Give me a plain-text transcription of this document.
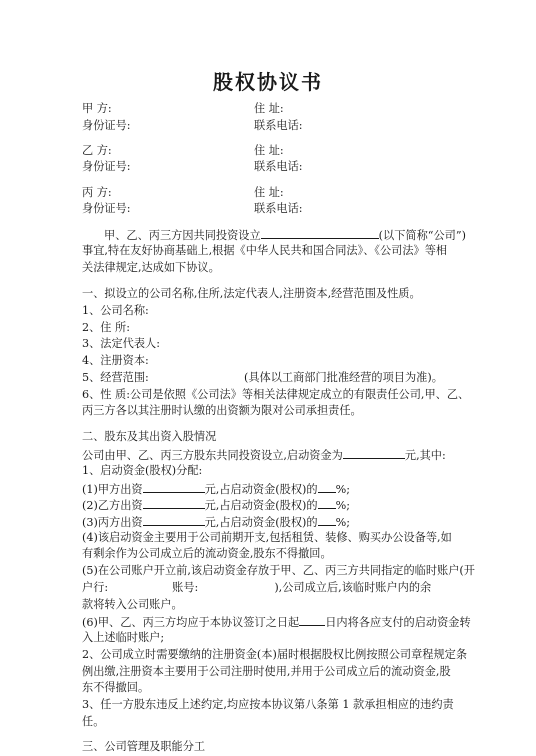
股权协议书
甲 方:	住 址:
身份证号:	联系电话:
乙 方:	住 址:
身份证号:	联系电话:
丙 方:	住 址:
身份证号:	联系电话:
甲、乙、丙三方因共同投资设立	(以下简称“公司”)
事宜,特在友好协商基础上,根据《中华人民共和国合同法》、《公司法》等相
关法律规定,达成如下协议。
一、拟设立的公司名称,住所,法定代表人,注册资本,经营范围及性质。
1、公司名称:
2、住 所:
3、法定代表人:
4、注册资本:
5、经营范围:	(具体以工商部门批准经营的项目为准)。
6、性 质:公司是依照《公司法》等相关法律规定成立的有限责任公司,甲、乙、
丙三方各以其注册时认缴的出资额为限对公司承担责任。
二、股东及其出资入股情况
公司由甲、乙、丙三方股东共同投资设立,启动资金为	元,其中:
1、启动资金(股权)分配:
(1)甲方出资	元,占启动资金(股权)的 %;
(2)乙方出资	元,占启动资金(股权)的 %;
(3)丙方出资	元,占启动资金(股权)的 %;
(4)该启动资金主要用于公司前期开支,包括租赁、装修、购买办公设备等,如
有剩余作为公司成立后的流动资金,股东不得撤回。
(5)在公司账户开立前,该启动资金存放于甲、乙、丙三方共同指定的临时账户(开
户行:	账号:	),公司成立后,该临时账户内的余
款将转入公司账户。
(6)甲、乙、丙三方均应于本协议签订之日起 日内将各应支付的启动资金转
入上述临时账户;
2、公司成立时需要缴纳的注册资金(本)届时根据股权比例按照公司章程规定条
例出缴,注册资本主要用于公司注册时使用,并用于公司成立后的流动资金,股
东不得撤回。
3、任一方股东违反上述约定,均应按本协议第八条第 1 款承担相应的违约责
任。
三、公司管理及职能分工
